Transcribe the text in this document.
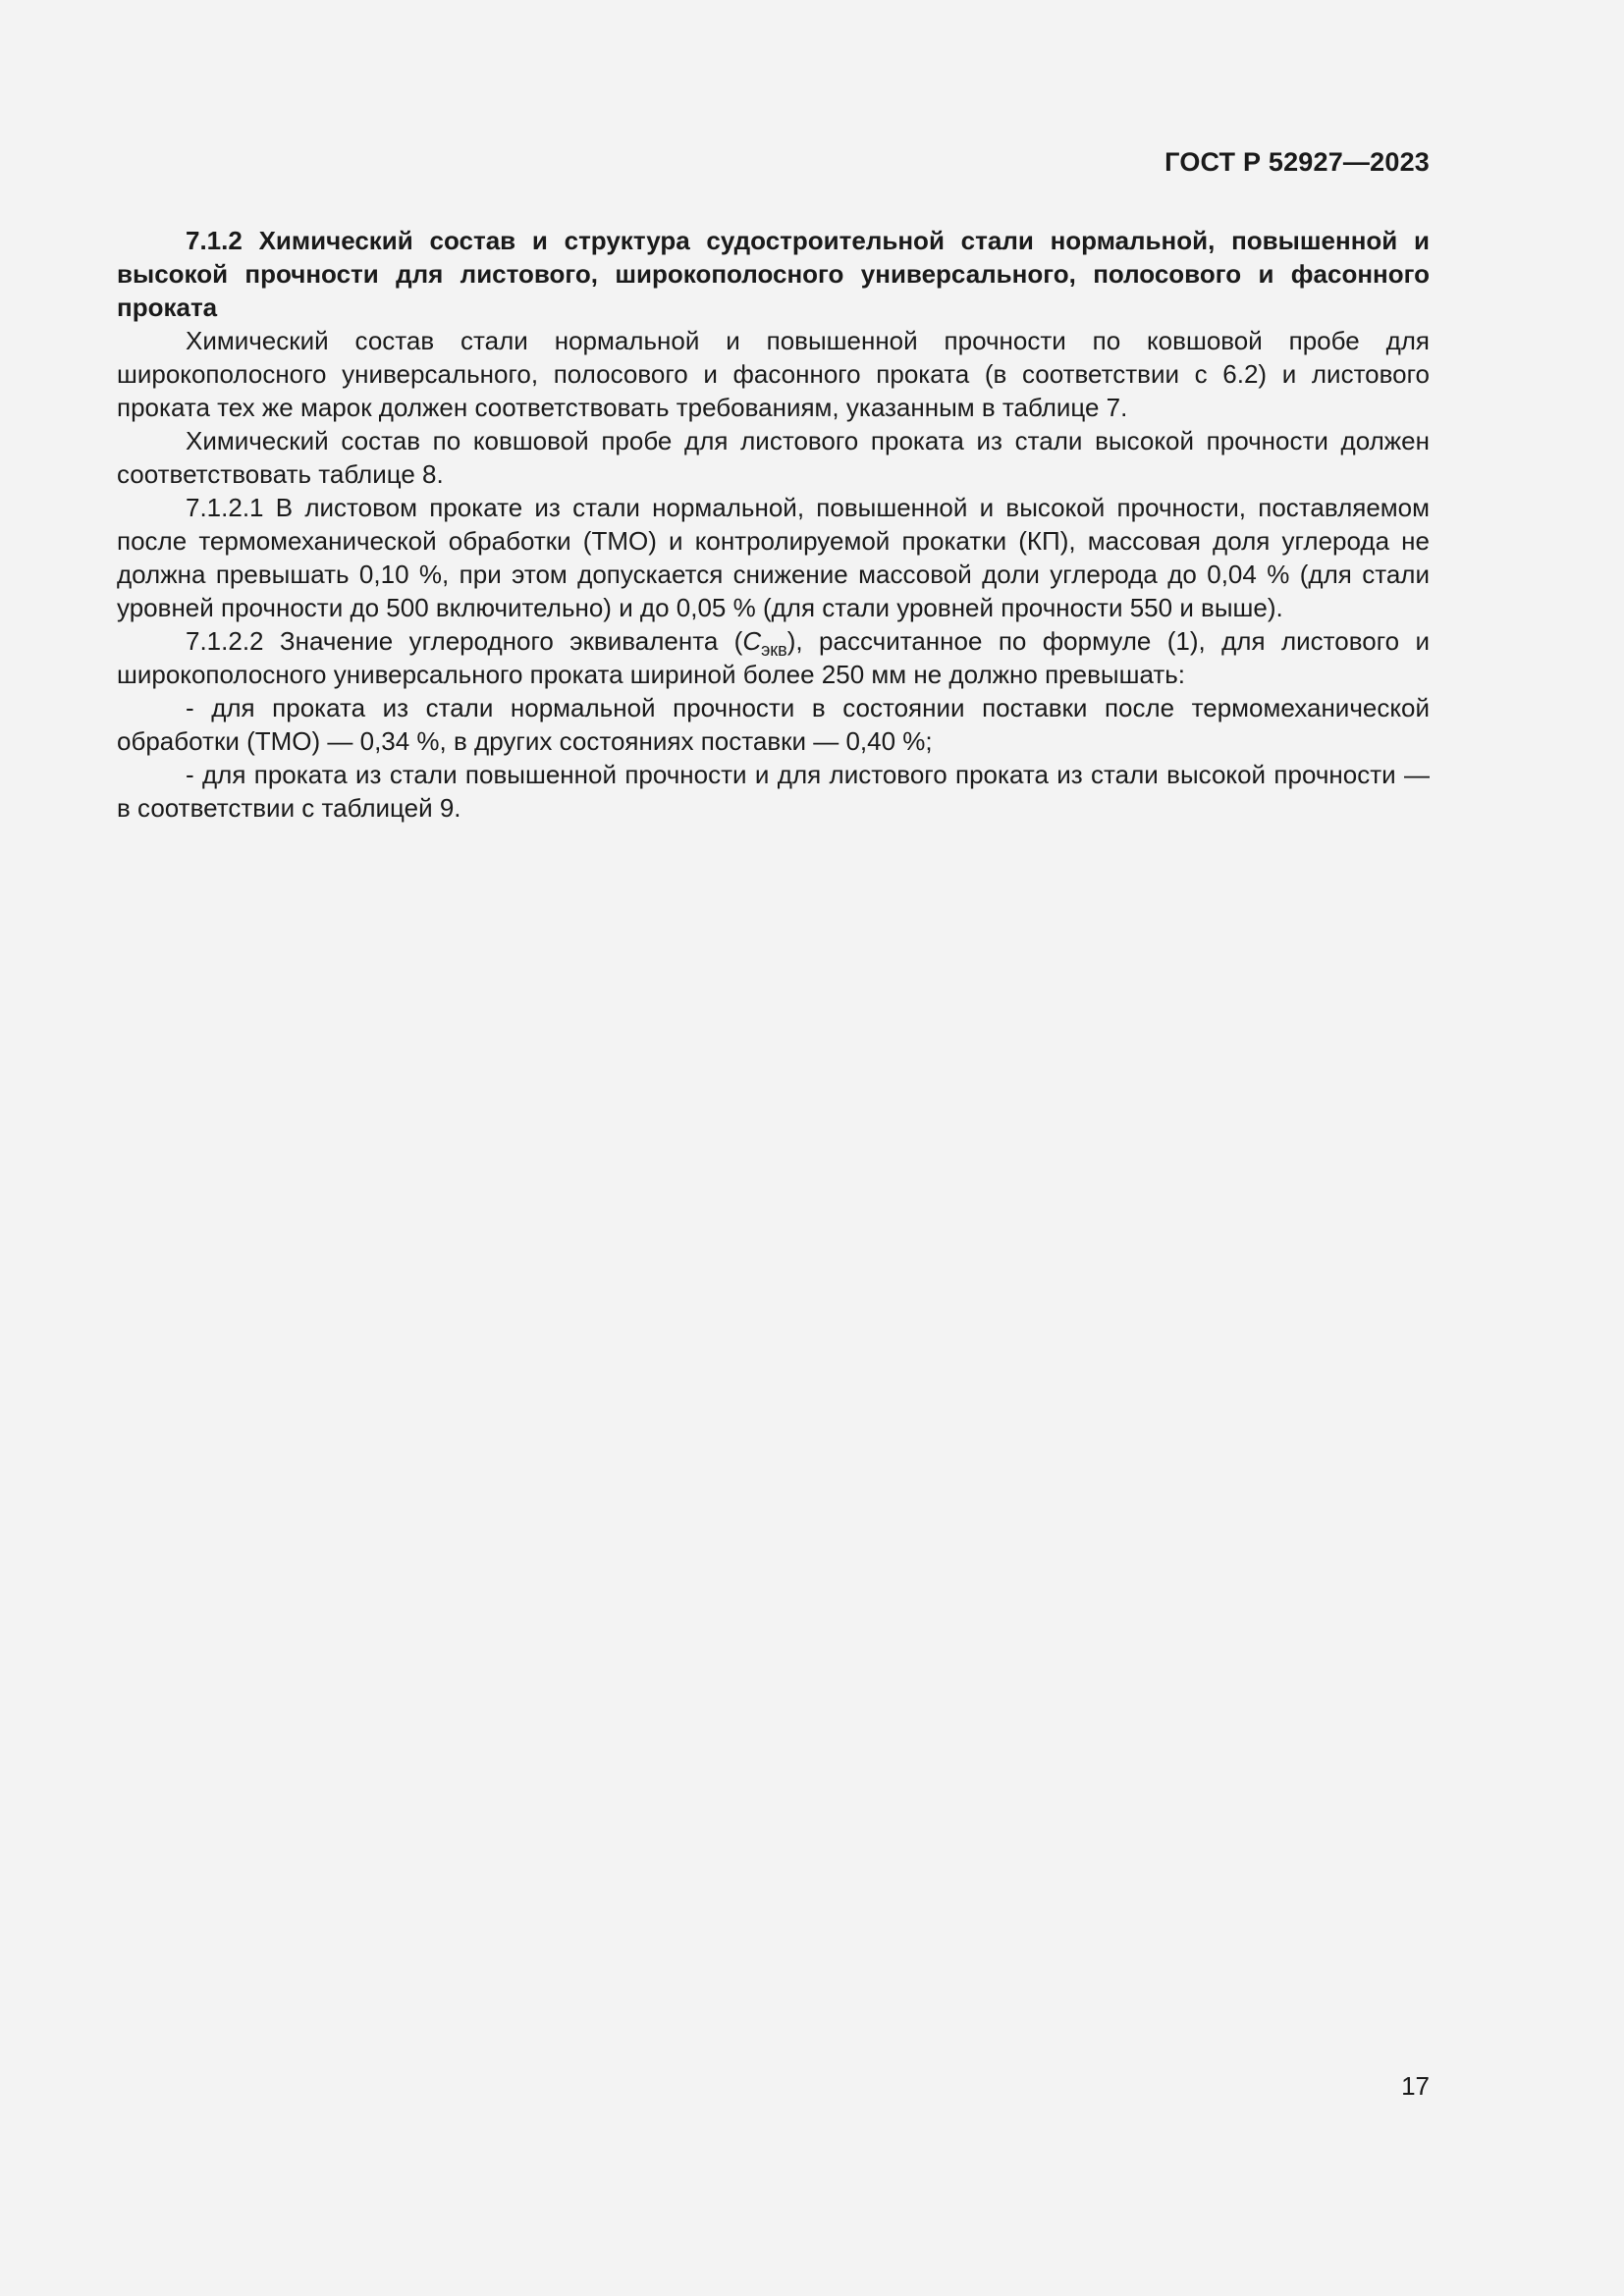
ГОСТ Р 52927—2023

7.1.2 Химический состав и структура судостроительной стали нормальной, повышенной и высокой прочности для листового, широкополосного универсального, полосового и фасонного проката

Химический состав стали нормальной и повышенной прочности по ковшовой пробе для широкополосного универсального, полосового и фасонного проката (в соответствии с 6.2) и листового проката тех же марок должен соответствовать требованиям, указанным в таблице 7.

Химический состав по ковшовой пробе для листового проката из стали высокой прочности должен соответствовать таблице 8.

7.1.2.1 В листовом прокате из стали нормальной, повышенной и высокой прочности, поставляемом после термомеханической обработки (ТМО) и контролируемой прокатки (КП), массовая доля углерода не должна превышать 0,10 %, при этом допускается снижение массовой доли углерода до 0,04 % (для стали уровней прочности до 500 включительно) и до 0,05 % (для стали уровней прочности 550 и выше).

7.1.2.2 Значение углеродного эквивалента $(C_{экв})$, рассчитанное по формуле (1), для листового и широкополосного универсального проката шириной более 250 мм не должно превышать:

- для проката из стали нормальной прочности в состоянии поставки после термомеханической обработки (ТМО) — 0,34 %, в других состояниях поставки — 0,40 %;

- для проката из стали повышенной прочности и для листового проката из стали высокой прочности — в соответствии с таблицей 9.

17
